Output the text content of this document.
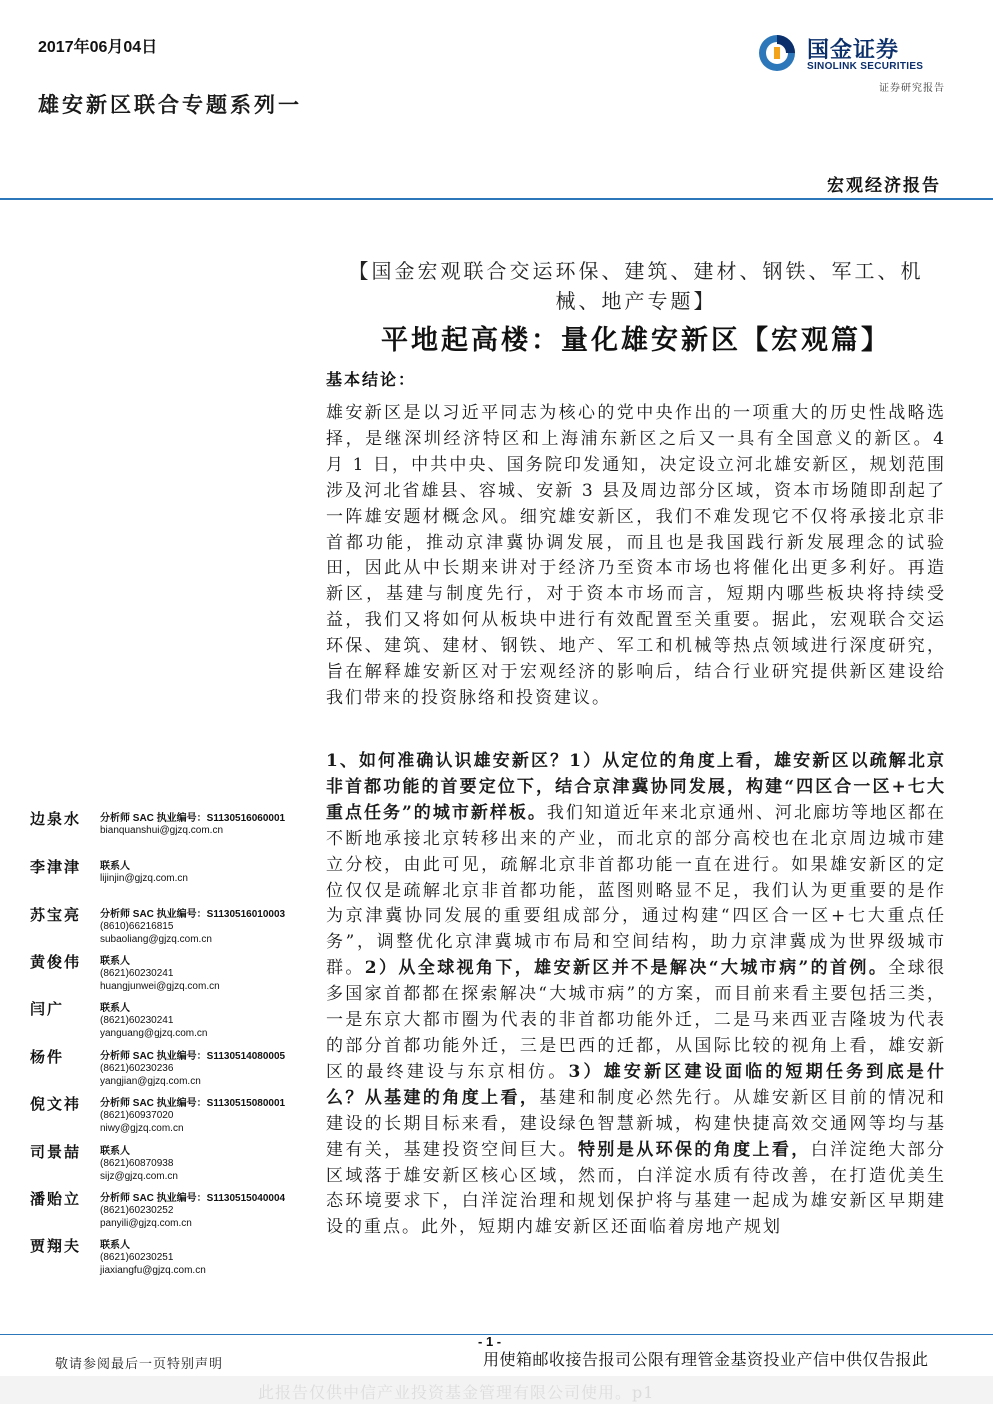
2017年06月04日
雄安新区联合专题系列一
国金证券
SINOLINK SECURITIES
证券研究报告
宏观经济报告
【国金宏观联合交运环保、建筑、建材、钢铁、军工、机械、地产专题】
平地起高楼：量化雄安新区【宏观篇】
基本结论：
雄安新区是以习近平同志为核心的党中央作出的一项重大的历史性战略选择，是继深圳经济特区和上海浦东新区之后又一具有全国意义的新区。4 月 1 日，中共中央、国务院印发通知，决定设立河北雄安新区，规划范围涉及河北省雄县、容城、安新 3 县及周边部分区域，资本市场随即刮起了一阵雄安题材概念风。细究雄安新区，我们不难发现它不仅将承接北京非首都功能，推动京津冀协调发展，而且也是我国践行新发展理念的试验田，因此从中长期来讲对于经济乃至资本市场也将催化出更多利好。再造新区，基建与制度先行，对于资本市场而言，短期内哪些板块将持续受益，我们又将如何从板块中进行有效配置至关重要。据此，宏观联合交运环保、建筑、建材、钢铁、地产、军工和机械等热点领域进行深度研究，旨在解释雄安新区对于宏观经济的影响后，结合行业研究提供新区建设给我们带来的投资脉络和投资建议。
1、如何准确认识雄安新区？1）从定位的角度上看，雄安新区以疏解北京非首都功能的首要定位下，结合京津冀协同发展，构建“四区合一区+七大重点任务”的城市新样板。我们知道近年来北京通州、河北廊坊等地区都在不断地承接北京转移出来的产业，而北京的部分高校也在北京周边城市建立分校，由此可见，疏解北京非首都功能一直在进行。如果雄安新区的定位仅仅是疏解北京非首都功能，蓝图则略显不足，我们认为更重要的是作为京津冀协同发展的重要组成部分，通过构建“四区合一区+七大重点任务”，调整优化京津冀城市布局和空间结构，助力京津冀成为世界级城市群。2）从全球视角下，雄安新区并不是解决“大城市病”的首例。全球很多国家首都都在探索解决“大城市病”的方案，而目前来看主要包括三类，一是东京大都市圈为代表的非首都功能外迁，二是马来西亚吉隆坡为代表的部分首都功能外迁，三是巴西的迁都，从国际比较的视角上看，雄安新区的最终建设与东京相仿。3）雄安新区建设面临的短期任务到底是什么？从基建的角度上看，基建和制度必然先行。从雄安新区目前的情况和建设的长期目标来看，建设绿色智慧新城，构建快捷高效交通网等均与基建有关，基建投资空间巨大。特别是从环保的角度上看，白洋淀绝大部分区域落于雄安新区核心区域，然而，白洋淀水质有待改善，在打造优美生态环境要求下，白洋淀治理和规划保护将与基建一起成为雄安新区早期建设的重点。此外，短期内雄安新区还面临着房地产规划
边泉水 分析师 SAC 执业编号：S1130516060001
bianquanshui@gjzq.com.cn
李津津 联系人
lijinjin@gjzq.com.cn
苏宝亮 分析师 SAC 执业编号：S1130516010003
(8610)66216815
subaoliang@gjzq.com.cn
黄俊伟 联系人
(8621)60230241
huangjunwei@gjzq.com.cn
闫广	联系人
(8621)60230241
yanguang@gjzq.com.cn
杨件	分析师 SAC 执业编号：S1130514080005
(8621)60230236
yangjian@gjzq.com.cn
倪文祎 分析师 SAC 执业编号：S1130515080001
(8621)60937020
niwy@gjzq.com.cn
司景喆 联系人
(8621)60870938
sijz@gjzq.com.cn
潘贻立 分析师 SAC 执业编号：S1130515040004
(8621)60230252
panyili@gjzq.com.cn
贾翔夫 联系人
(8621)60230251
jiaxiangfu@gjzq.com.cn
- 1 -
敬请参阅最后一页特别声明	用使箱邮收接告报司公限有理管金基资投业产信中供仅告报此
此报告仅供中信产业投资基金管理有限公司使用。p1
